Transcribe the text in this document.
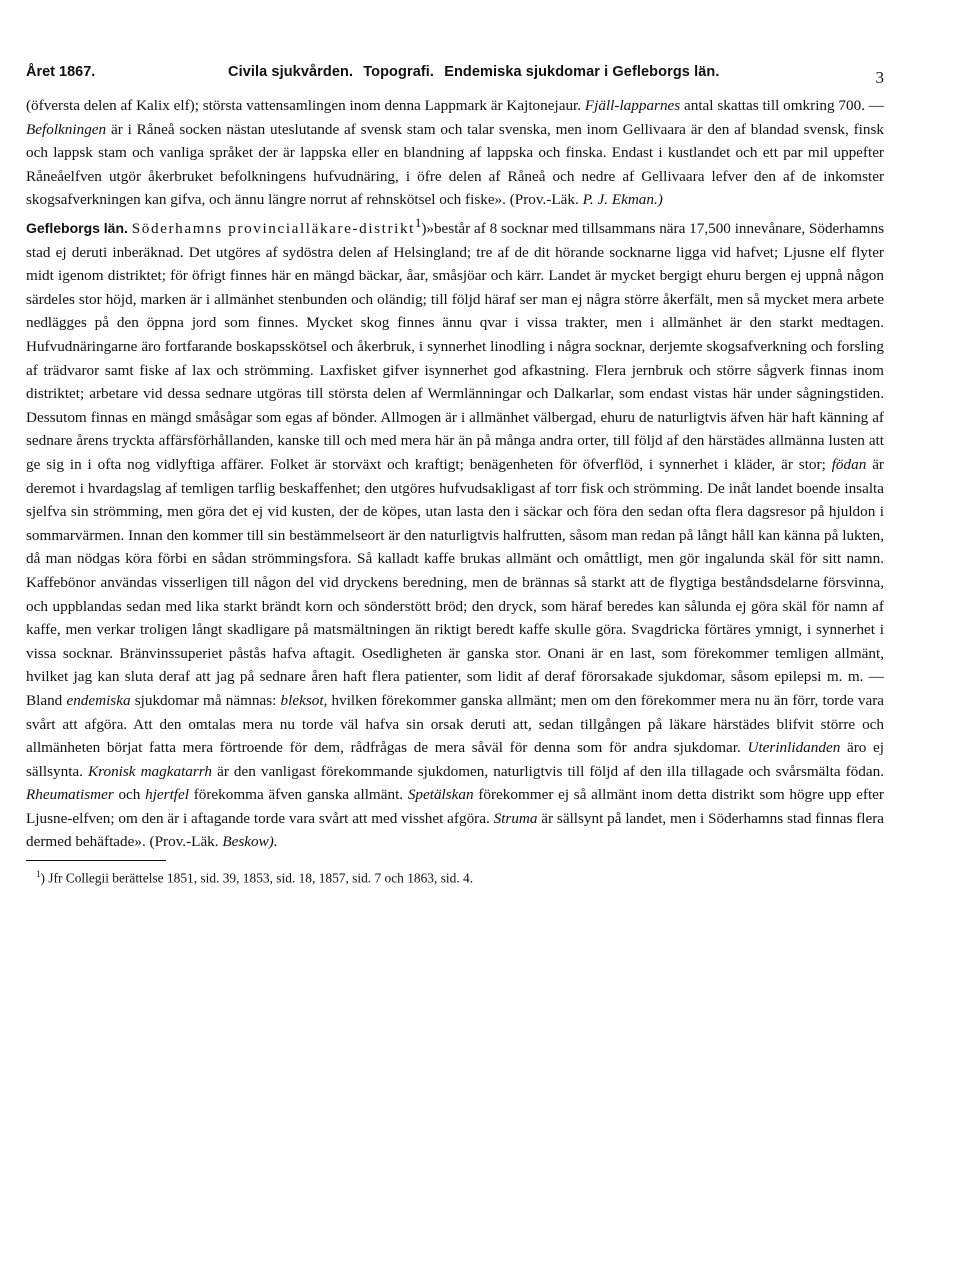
Året 1867.	Civila sjukvården. Topografi. Endemiska sjukdomar i Gefleborgs län.	3

(öfversta delen af Kalix elf); största vattensamlingen inom denna Lappmark är Kajtonejaur. Fjäll-lapparnes antal skattas till omkring 700. — Befolkningen är i Råneå socken nästan uteslutande af svensk stam och talar svenska, men inom Gellivaara är den af blandad svensk, finsk och lappsk stam och vanliga språket der är lappska eller en blandning af lappska och finska. Endast i kustlandet och ett par mil uppefter Råneåelfven utgör åkerbruket befolkningens hufvudnäring, i öfre delen af Råneå och nedre af Gellivaara lefver den af de inkomster skogsafverkningen kan gifva, och ännu längre norrut af rehnskötsel och fiske». (Prov.-Läk. P. J. Ekman.)

Gefleborgs län. Söderhamns provincialläkare-distrikt$^1$)»består af 8 socknar med tillsammans nära 17,500 innevånare, Söderhamns stad ej deruti inberäknad. Det utgöres af sydöstra delen af Helsingland; tre af de dit hörande socknarne ligga vid hafvet; Ljusne elf flyter midt igenom distriktet; för öfrigt finnes här en mängd bäckar, åar, småsjöar och kärr. Landet är mycket bergigt ehuru bergen ej uppnå någon särdeles stor höjd, marken är i allmänhet stenbunden och oländig; till följd häraf ser man ej några större åkerfält, men så mycket mera arbete nedlägges på den öppna jord som finnes. Mycket skog finnes ännu qvar i vissa trakter, men i allmänhet är den starkt medtagen. Hufvudnäringarne äro fortfarande boskapsskötsel och åkerbruk, i synnerhet linodling i några socknar, derjemte skogsafverkning och forsling af trädvaror samt fiske af lax och strömming. Laxfisket gifver isynnerhet god afkastning. Flera jernbruk och större sågverk finnas inom distriktet; arbetare vid dessa sednare utgöras till största delen af Wermlänningar och Dalkarlar, som endast vistas här under sågningstiden. Dessutom finnas en mängd småsågar som egas af bönder. Allmogen är i allmänhet välbergad, ehuru de naturligtvis äfven här haft känning af sednare årens tryckta affärsförhållanden, kanske till och med mera här än på många andra orter, till följd af den härstädes allmänna lusten att ge sig in i ofta nog vidlyftiga affärer. Folket är storväxt och kraftigt; benägenheten för öfverflöd, i synnerhet i kläder, är stor; födan är deremot i hvardagslag af temligen tarflig beskaffenhet; den utgöres hufvudsakligast af torr fisk och strömming. De inåt landet boende insalta sjelfva sin strömming, men göra det ej vid kusten, der de köpes, utan lasta den i säckar och föra den sedan ofta flera dagsresor på hjuldon i sommarvärmen. Innan den kommer till sin bestämmelseort är den naturligtvis halfrutten, såsom man redan på långt håll kan känna på lukten, då man nödgas köra förbi en sådan strömmingsfora. Så kalladt kaffe brukas allmänt och omåttligt, men gör ingalunda skäl för sitt namn. Kaffebönor användas visserligen till någon del vid dryckens beredning, men de brännas så starkt att de flygtiga beståndsdelarne försvinna, och uppblandas sedan med lika starkt brändt korn och sönderstött bröd; den dryck, som häraf beredes kan sålunda ej göra skäl för namn af kaffe, men verkar troligen långt skadligare på matsmältningen än riktigt beredt kaffe skulle göra. Svagdricka förtäres ymnigt, i synnerhet i vissa socknar. Bränvinssuperiet påstås hafva aftagit. Osedligheten är ganska stor. Onani är en last, som förekommer temligen allmänt, hvilket jag kan sluta deraf att jag på sednare åren haft flera patienter, som lidit af deraf förorsakade sjukdomar, såsom epilepsi m. m. — Bland endemiska sjukdomar må nämnas: bleksot, hvilken förekommer ganska allmänt; men om den förekommer mera nu än förr, torde vara svårt att afgöra. Att den omtalas mera nu torde väl hafva sin orsak deruti att, sedan tillgången på läkare härstädes blifvit större och allmänheten börjat fatta mera förtroende för dem, rådfrågas de mera såväl för denna som för andra sjukdomar. Uterinlidanden äro ej sällsynta. Kronisk magkatarrh är den vanligast förekommande sjukdomen, naturligtvis till följd af den illa tillagade och svårsmälta födan. Rheumatismer och hjertfel förekomma äfven ganska allmänt. Spetälskan förekommer ej så allmänt inom detta distrikt som högre upp efter Ljusne-elfven; om den är i aftagande torde vara svårt att med visshet afgöra. Struma är sällsynt på landet, men i Söderhamns stad finnas flera dermed behäftade». (Prov.-Läk. Beskow).

$^1$) Jfr Collegii berättelse 1851, sid. 39, 1853, sid. 18, 1857, sid. 7 och 1863, sid. 4.
